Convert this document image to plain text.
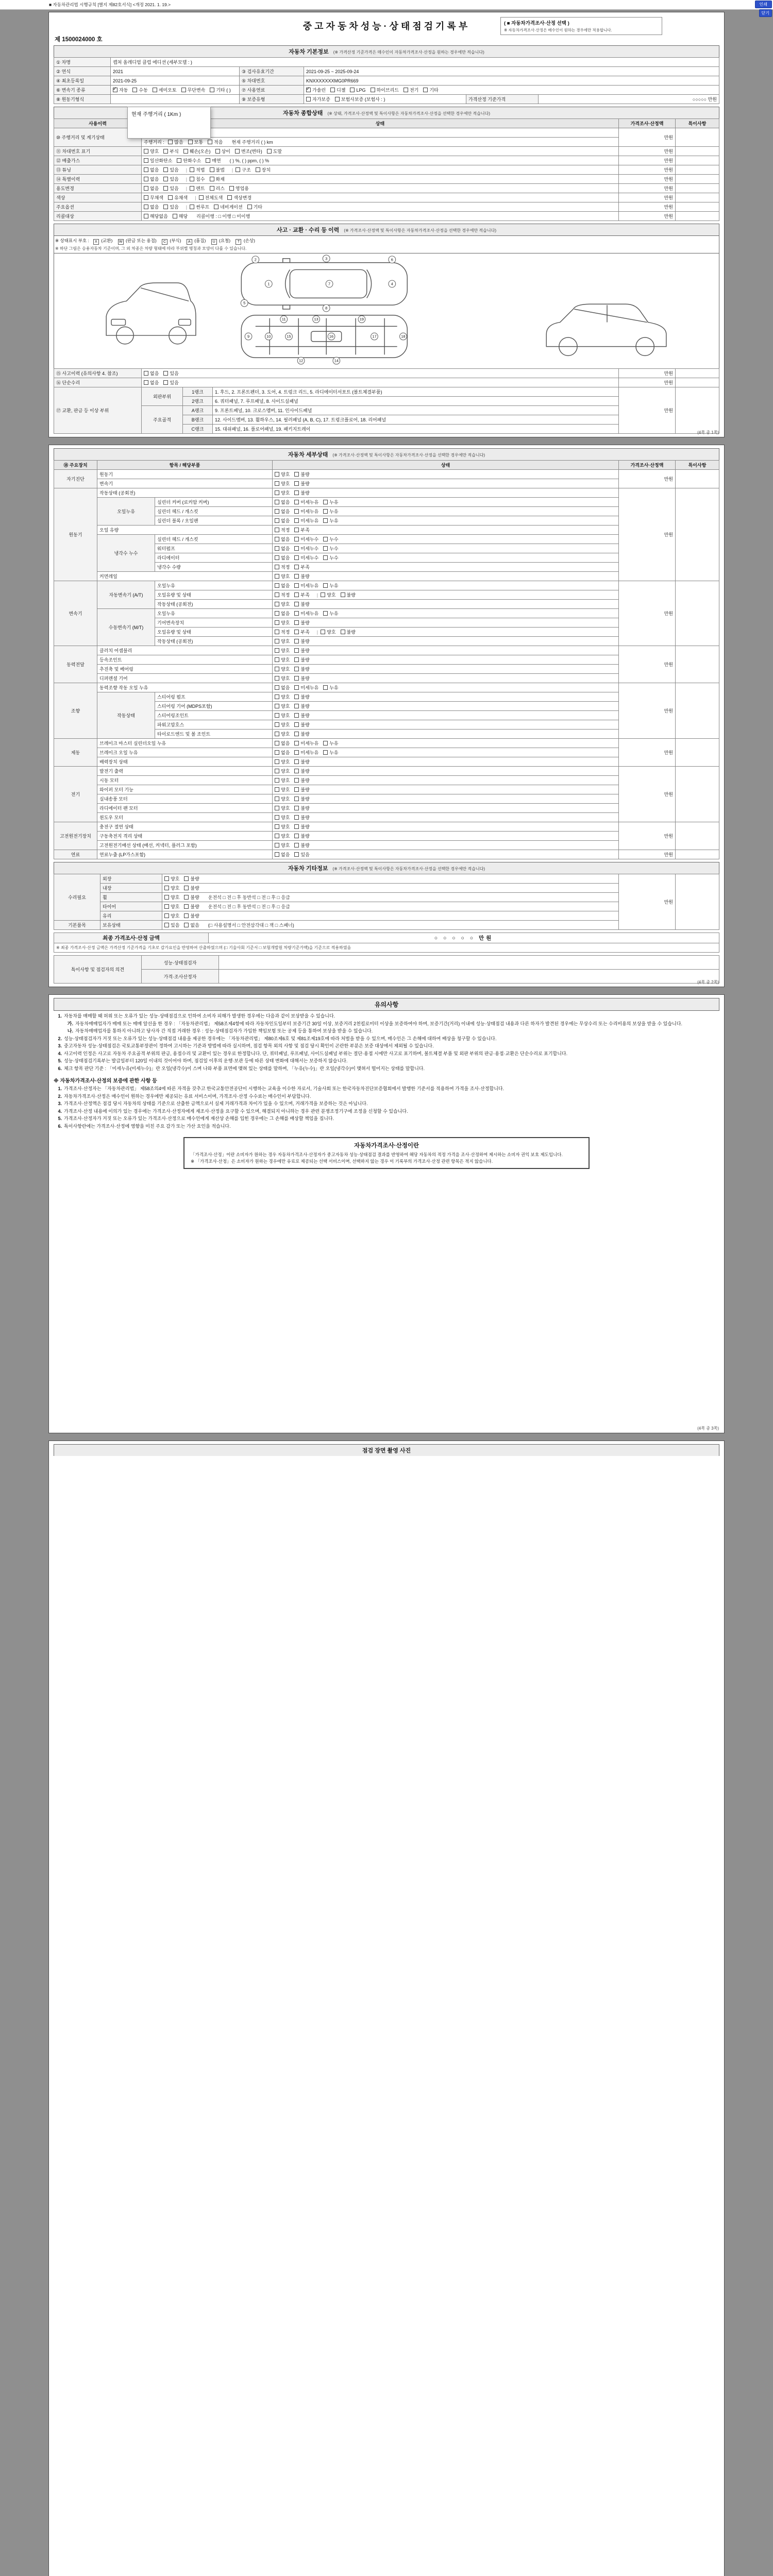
■ 자동차관리법 시행규칙 [별지 제82호서식] <개정 2021. 1. 19.>	인쇄
닫기
중고자동차성능·상태점검기록부	( ■ 자동차가격조사·산정 선택 )
※ 자동차가격조사·산정은 매수인이 원하는 경우에만 적용합니다.
제 1500024000 호
자동차 기본정보 (※ 가격산정 기준가격은 매수인이 자동차가격조사·산정을 원하는 경우에만 적습니다)
① 차명	캡처 올레디엄 클럽 에디션 (세부모델 : )				
② 연식	2021	③ 검사유효기간	2021-09-25 ~ 2025-09-24		
④ 최초등록일	2021-09-25	⑤ 차대번호	KNXXXXXXXMG0PR669		
⑥ 변속기 종류	✓자동 수동 세미오토 무단변속 기타 ( )	⑦ 사용연료	✓가솔린 디젤 LPG 하이브리드 전기 기타
⑧ 원동기형식		⑨ 보증유형	자가보증 보험사보증 (보험사 : )	가격산정 기준가격	○○○○○ 만원
자동차 종합상태 (※ 상태, 가격조사·산정액 및 특이사항은 자동차가격조사·산정을 선택한 경우에만 적습니다)
사용이력	상태	가격조사·산정액	특이사항
⑩ 주행거리 및 계기상태		만원	
	주행거리 : 많음 보통 적음 현재 주행거리 ( ) km		
⑪ 차대번호 표기	양호 부식 훼손(오손) 상이 변조(변타) 도말	만원	
⑫ 배출가스	일산화탄소 탄화수소 매연 ( ) %, ( ) ppm, ( ) %	만원	
⑬ 튜닝	없음 있음 | 적법 불법 | 구조 장치	만원	
⑭ 특별이력	없음 있음 | 침수 화재	만원	
용도변경	없음 있음 | 렌트 리스 영업용	만원	
색상	무채색 유채색 | 전체도색 색상변경	만원	
주요옵션	없음 있음 | 썬루프 네비게이션 기타	만원	
리콜대상	해당없음 해당 리콜이행 : □ 이행 □ 미이행	만원	
사고 · 교환 · 수리 등 이력 (※ 가격조사·산정액 및 특이사항은 자동차가격조사·산정을 선택한 경우에만 적습니다)
※ 상태표시 부호 : X (교환) W (판금 또는 용접) C (부식) A (흠집) U (요철) T (손상)
※ 하단 그림은 승용자동차 기준이며, 그 외 차종은 차량 형태에 따라 부위별 명칭과 모양이 다를 수 있습니다.
1
2	3
4
5
6
7
8
9	10
11
12
13
14
15	16	17	18
19
⑮ 사고이력 (유의사항 4. 참조)	없음 있음			만원	
⑯ 단순수리	없음 있음			만원	
⑰ 교환, 판금 등 이상 부위	외판부위	1랭크	1. 후드, 2. 프론트펜더, 3. 도어, 4. 트렁크 리드, 5. 라디에이터서포트 (볼트체결부품)	만원	
		2랭크	6. 쿼터패널, 7. 루프패널, 8. 사이드실패널		
	주요골격	A랭크	9. 프론트패널, 10. 크로스멤버, 11. 인사이드패널		
		B랭크	12. 사이드멤버, 13. 휠하우스, 14. 필러패널 (A, B, C), 17. 트렁크플로어, 18. 리어패널		
		C랭크	15. 대쉬패널, 16. 플로어패널, 19. 패키지트레이		
현재 주행거리 ( 1Km )
(4쪽 중 1쪽)
자동차 세부상태 (※ 가격조사·산정액 및 특이사항은 자동차가격조사·산정을 선택한 경우에만 적습니다)
⑱ 주요장치	항목 / 해당부품		상태	가격조사·산정액	특이사항
자기진단	원동기		양호 불량	만원	
	변속기		양호 불량		
원동기	작동상태 (공회전)		양호 불량	만원	
	오일누유	실린더 커버 (로커암 커버)	없음 미세누유 누유		
		실린더 헤드 / 개스킷	없음 미세누유 누유		
		실린더 블록 / 오일팬	없음 미세누유 누유		
	오일 유량		적정 부족		
	냉각수 누수	실린더 헤드 / 개스킷	없음 미세누수 누수		
		워터펌프	없음 미세누수 누수		
		라디에이터	없음 미세누수 누수		
		냉각수 수량	적정 부족		
	커먼레일		양호 불량		
변속기	자동변속기 (A/T)	오일누유	없음 미세누유 누유	만원	
		오일유량 및 상태	적정 부족 | 양호 불량		
		작동상태 (공회전)	양호 불량		
	수동변속기 (M/T)	오일누유	없음 미세누유 누유		
		기어변속장치	양호 불량		
		오일유량 및 상태	적정 부족 | 양호 불량		
		작동상태 (공회전)	양호 불량		
동력전달	클러치 어셈블리		양호 불량	만원	
	등속조인트		양호 불량		
	추진축 및 베어링		양호 불량		
	디퍼렌셜 기어		양호 불량		
조향	동력조향 작동 오일 누유		없음 미세누유 누유	만원	
	작동상태	스티어링 펌프	양호 불량		
		스티어링 기어 (MDPS포함)	양호 불량		
		스티어링조인트	양호 불량		
		파워고압호스	양호 불량		
		타이로드엔드 및 볼 조인트	양호 불량		
제동	브레이크 마스터 실린더오일 누유		없음 미세누유 누유	만원	
	브레이크 오일 누유		없음 미세누유 누유		
	배력장치 상태		양호 불량		
전기	발전기 출력		양호 불량	만원	
	시동 모터		양호 불량		
	와이퍼 모터 기능		양호 불량		
	실내송풍 모터		양호 불량		
	라디에이터 팬 모터		양호 불량		
	윈도우 모터		양호 불량		
고전원전기장치	충전구 절연 상태		양호 불량	만원	
	구동축전지 격리 상태		양호 불량		
	고전원전기배선 상태 (배선, 커넥터, 플러그 포함)		양호 불량		
연료	연료누출 (LP가스포함)		없음 있음	만원	
자동차 기타정보 (※ 가격조사·산정액 및 특이사항은 자동차가격조사·산정을 선택한 경우에만 적습니다)
수리필요	외장	양호 불량	만원	
	내장	양호 불량		
	휠	양호 불량 운전석 □ 전 □ 후 동반석 □ 전 □ 후 □ 응급		
	타이어	양호 불량 운전석 □ 전 □ 후 동반석 □ 전 □ 후 □ 응급		
	유리	양호 불량		
기본품목	보유상태	있음 없음 (□ 사용설명서 □ 안전삼각대 □ 잭 □ 스패너)		
최종 가격조사·산정 금액	○ ○ ○ ○ ○ 만원
※ 최종 가격조사·산정 금액은 가격산정 기준가격을 기초로 감가요인을 반영하여 산출하였으며 (□ 기술사회 기준서 □ 보험개발원 차량기준가액)을 기준으로 적용하였음
특이사항 및 점검자의 의견	성능·상태점검자	
	가격·조사산정자	
(4쪽 중 2쪽)
유의사항
1. 자동차를 매매할 때 허위 또는 오류가 있는 성능·상태점검으로 인하여 소비자 피해가 발생한 경우에는 다음과 같이 보상받을 수 있습니다.
가. 자동차매매업자가 매매 또는 매매 알선을 한 경우 : 「자동차관리법」 제58조제4항에 따라 자동차인도일부터 보증기간 30일 이상, 보증거리 2천킬로미터 이상을 보증하여야 하며, 보증기간(거리) 이내에 성능·상태점검 내용과 다른 하자가 발견된 경우에는 무상수리 또는 수리비용의 보상을 받을 수 있습니다.
나. 자동차매매업자를 통하지 아니하고 당사자 간 직접 거래한 경우 : 성능·상태점검자가 가입한 책임보험 또는 공제 등을 통하여 보상을 받을 수 있습니다.
2. 성능·상태점검자가 거짓 또는 오류가 있는 성능·상태점검 내용을 제공한 경우에는 「자동차관리법」 제80조제6호 및 제81조제19호에 따라 처벌을 받을 수 있으며, 매수인은 그 손해에 대하여 배상을 청구할 수 있습니다.
3. 중고자동차 성능·상태점검은 국토교통부장관이 정하여 고시하는 기준과 방법에 따라 실시하며, 점검 항목 외의 사항 및 점검 당시 확인이 곤란한 부분은 보증 대상에서 제외될 수 있습니다.
4. 사고이력 인정은 사고로 자동차 주요골격 부위의 판금, 용접수리 및 교환이 있는 경우로 한정합니다. 단, 쿼터패널, 루프패널, 사이드실패널 부위는 절단·용접 시에만 사고로 표기하며, 볼트체결 부품 및 외판 부위의 판금·용접·교환은 단순수리로 표기합니다.
5. 성능·상태점검기록부는 발급일부터 120일 이내의 것이어야 하며, 점검일 이후의 운행·보관 등에 따른 상태 변화에 대해서는 보증하지 않습니다.
6. 체크 항목 판단 기준 : 「미세누유(미세누수)」란 오일(냉각수)이 스며 나와 부품 표면에 맺혀 있는 상태를 말하며, 「누유(누수)」란 오일(냉각수)이 맺혀서 떨어지는 상태를 말합니다.
※ 자동차가격조사·산정의 보증에 관한 사항 등
1. 가격조사·산정자는 「자동차관리법」 제58조의4에 따른 자격을 갖추고 한국교통안전공단이 시행하는 교육을 이수한 자로서, 기술사회 또는 한국자동차진단보증협회에서 발행한 기준서를 적용하여 가격을 조사·산정합니다.
2. 자동차가격조사·산정은 매수인이 원하는 경우에만 제공되는 유료 서비스이며, 가격조사·산정 수수료는 매수인이 부담합니다.
3. 가격조사·산정액은 점검 당시 자동차의 상태를 기준으로 산출한 금액으로서 실제 거래가격과 차이가 있을 수 있으며, 거래가격을 보증하는 것은 아닙니다.
4. 가격조사·산정 내용에 이의가 있는 경우에는 가격조사·산정자에게 재조사·산정을 요구할 수 있으며, 해결되지 아니하는 경우 관련 분쟁조정기구에 조정을 신청할 수 있습니다.
5. 가격조사·산정자가 거짓 또는 오류가 있는 가격조사·산정으로 매수인에게 재산상 손해를 입힌 경우에는 그 손해를 배상할 책임을 집니다.
6. 특이사항란에는 가격조사·산정에 영향을 미친 주요 감가 또는 가산 요인을 적습니다.
자동차가격조사·산정이란
「가격조사·산정」이란 소비자가 원하는 경우 자동차가격조사·산정자가 중고자동차 성능·상태점검 결과를 반영하여 해당 자동차의 적정 가격을 조사·산정하여 제시하는 소비자 권익 보호 제도입니다.
※ 「가격조사·산정」은 소비자가 원하는 경우에만 유료로 제공되는 선택 서비스이며, 선택하지 않는 경우 이 기록부의 가격조사·산정 관련 항목은 적지 않습니다.
(4쪽 중 3쪽)
점검 장면 촬영 사진
